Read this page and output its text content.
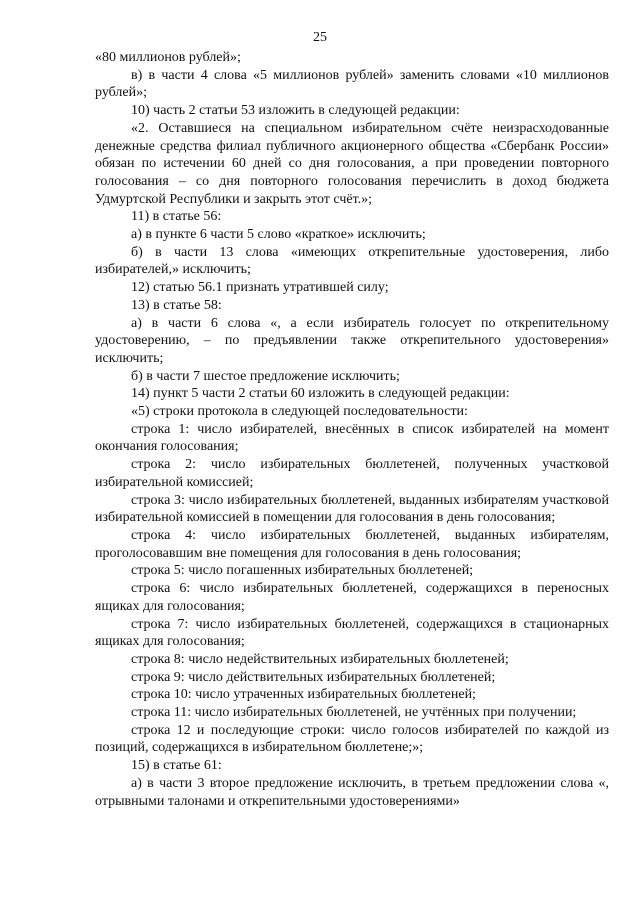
25

«80 миллионов рублей»;

в) в части 4 слова «5 миллионов рублей» заменить словами «10 миллионов рублей»;

10) часть 2 статьи 53 изложить в следующей редакции:

«2. Оставшиеся на специальном избирательном счёте неизрасходованные денежные средства филиал публичного акционерного общества «Сбербанк России» обязан по истечении 60 дней со дня голосования, а при проведении повторного голосования – со дня повторного голосования перечислить в доход бюджета Удмуртской Республики и закрыть этот счёт.»;

11) в статье 56:

а) в пункте 6 части 5 слово «краткое» исключить;

б) в части 13 слова «имеющих открепительные удостоверения, либо избирателей,» исключить;

12) статью 56.1 признать утратившей силу;

13) в статье 58:

а) в части 6 слова «, а если избиратель голосует по открепительному удостоверению, – по предъявлении также открепительного удостоверения» исключить;

б) в части 7 шестое предложение исключить;

14) пункт 5 части 2 статьи 60 изложить в следующей редакции:

«5) строки протокола в следующей последовательности:

строка 1: число избирателей, внесённых в список избирателей на момент окончания голосования;

строка 2: число избирательных бюллетеней, полученных участковой избирательной комиссией;

строка 3: число избирательных бюллетеней, выданных избирателям участковой избирательной комиссией в помещении для голосования в день голосования;

строка 4: число избирательных бюллетеней, выданных избирателям, проголосовавшим вне помещения для голосования в день голосования;

строка 5: число погашенных избирательных бюллетеней;

строка 6: число избирательных бюллетеней, содержащихся в переносных ящиках для голосования;

строка 7: число избирательных бюллетеней, содержащихся в стационарных ящиках для голосования;

строка 8: число недействительных избирательных бюллетеней;

строка 9: число действительных избирательных бюллетеней;

строка 10: число утраченных избирательных бюллетеней;

строка 11: число избирательных бюллетеней, не учтённых при получении;

строка 12 и последующие строки: число голосов избирателей по каждой из позиций, содержащихся в избирательном бюллетене;»;

15) в статье 61:

а) в части 3 второе предложение исключить, в третьем предложении слова «, отрывными талонами и открепительными удостоверениями»
